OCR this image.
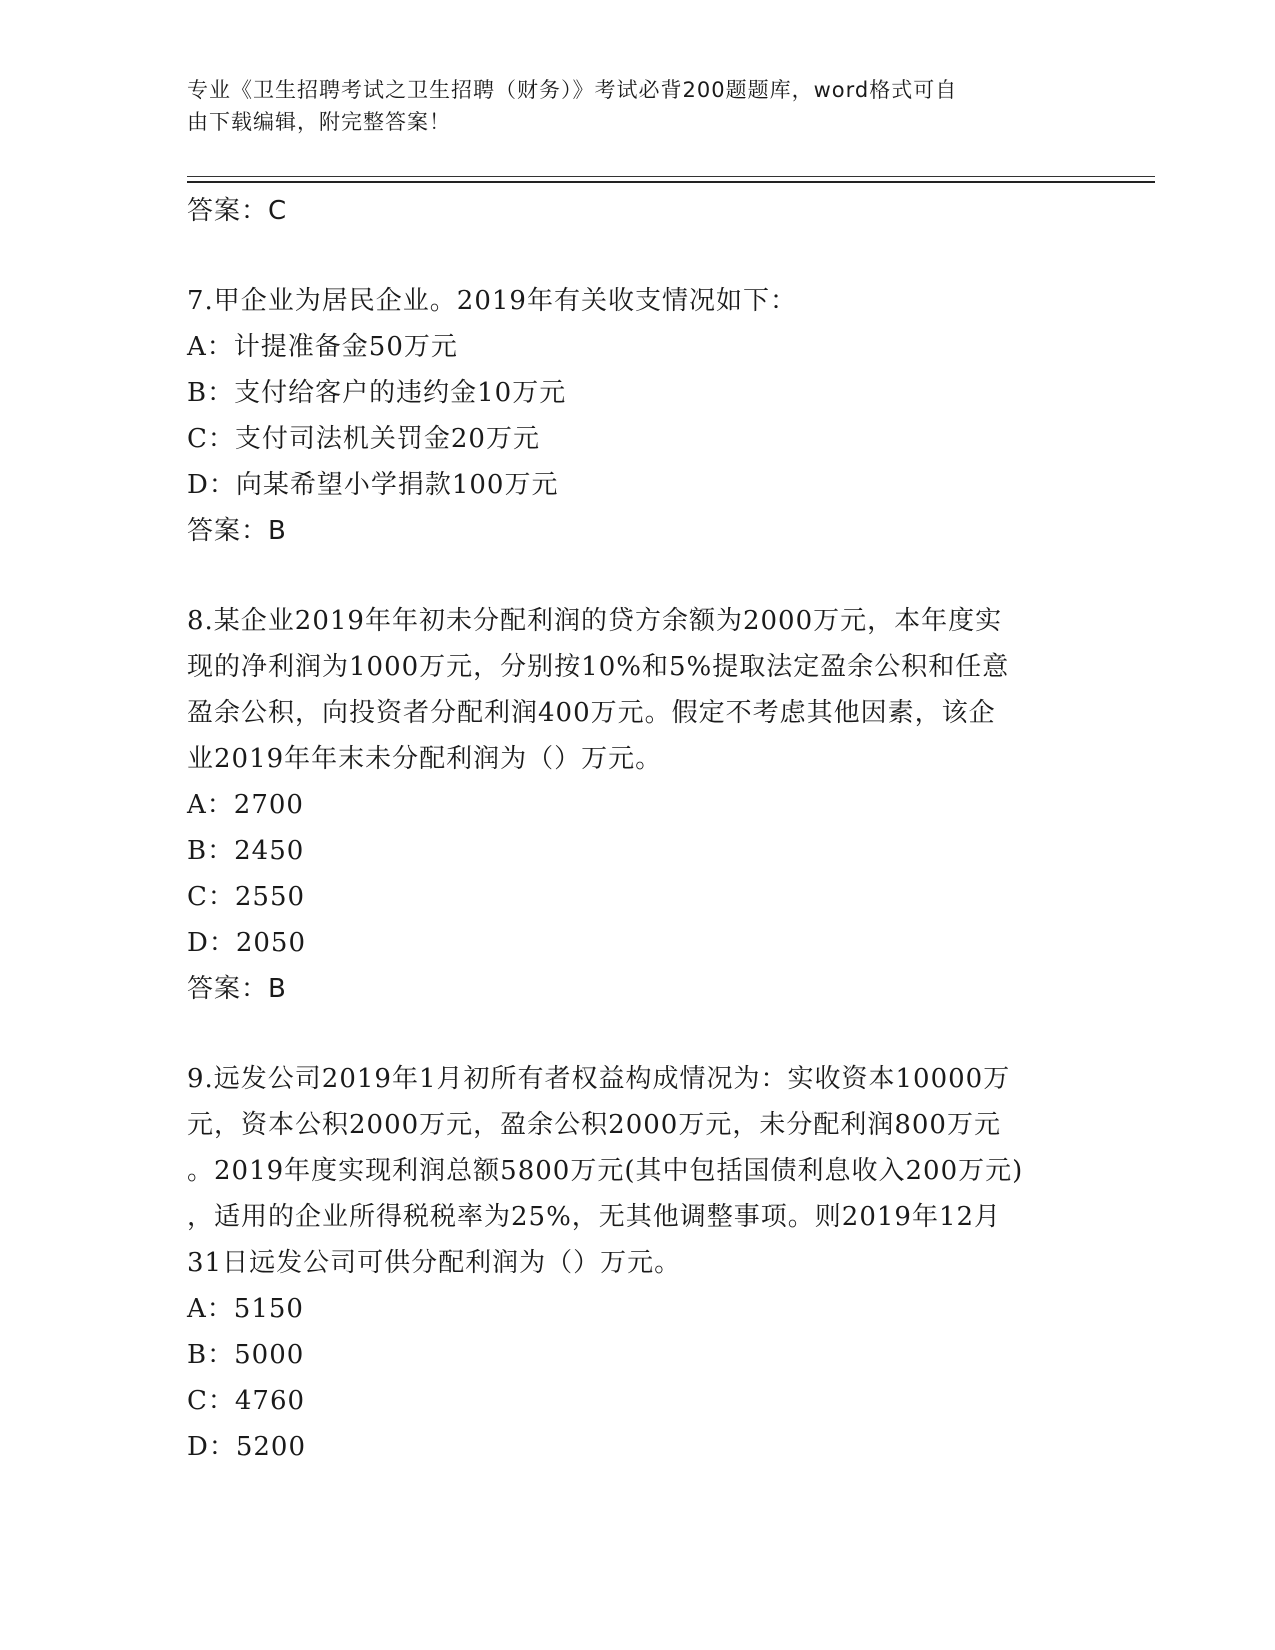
专业《卫生招聘考试之卫生招聘（财务）》考试必背200题题库，word格式可自
由下载编辑，附完整答案！
答案：C
7.甲企业为居民企业。2019年有关收支情况如下：
A：计提准备金50万元
B：支付给客户的违约金10万元
C：支付司法机关罚金20万元
D：向某希望小学捐款100万元
答案：B
8.某企业2019年年初未分配利润的贷方余额为2000万元，本年度实
现的净利润为1000万元，分别按10%和5%提取法定盈余公积和任意
盈余公积，向投资者分配利润400万元。假定不考虑其他因素，该企
业2019年年末未分配利润为（）万元。
A：2700
B：2450
C：2550
D：2050
答案：B
9.远发公司2019年1月初所有者权益构成情况为：实收资本10000万
元，资本公积2000万元，盈余公积2000万元，未分配利润800万元
。2019年度实现利润总额5800万元(其中包括国债利息收入200万元)
，适用的企业所得税税率为25%，无其他调整事项。则2019年12月
31日远发公司可供分配利润为（）万元。
A：5150
B：5000
C：4760
D：5200
